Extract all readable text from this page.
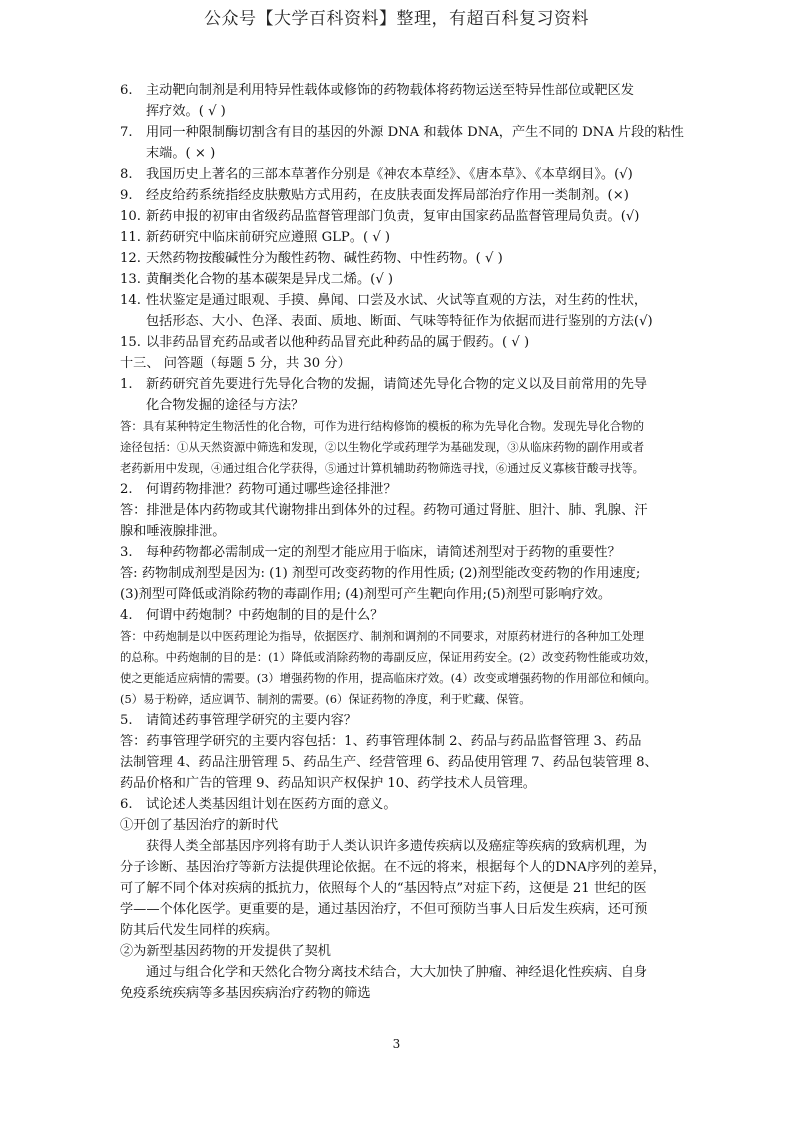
公众号【大学百科资料】整理，有超百科复习资料
6.	主动靶向制剂是利用特异性载体或修饰的药物载体将药物运送至特异性部位或靶区发
挥疗效。( √ )
7.	用同一种限制酶切割含有目的基因的外源 DNA 和载体 DNA，产生不同的 DNA 片段的粘性
末端。( × )
8.	我国历史上著名的三部本草著作分别是《神农本草经》、《唐本草》、《本草纲目》。(√)
9.	经皮给药系统指经皮肤敷贴方式用药，在皮肤表面发挥局部治疗作用一类制剂。(×)
10. 新药申报的初审由省级药品监督管理部门负责，复审由国家药品监督管理局负责。(√)
11. 新药研究中临床前研究应遵照 GLP。( √ )
12. 天然药物按酸碱性分为酸性药物、碱性药物、中性药物。( √ )
13. 黄酮类化合物的基本碳架是异戊二烯。(√ )
14. 性状鉴定是通过眼观、手摸、鼻闻、口尝及水试、火试等直观的方法，对生药的性状，
包括形态、大小、色泽、表面、质地、断面、气味等特征作为依据而进行鉴别的方法(√)
15. 以非药品冒充药品或者以他种药品冒充此种药品的属于假药。( √ )
十三、 问答题（每题 5 分，共 30 分）
1.	新药研究首先要进行先导化合物的发掘，请简述先导化合物的定义以及目前常用的先导
化合物发掘的途径与方法？
答：具有某种特定生物活性的化合物，可作为进行结构修饰的模板的称为先导化合物。发现先导化合物的
途径包括：①从天然资源中筛选和发现，②以生物化学或药理学为基础发现，③从临床药物的副作用或者
老药新用中发现，④通过组合化学获得，⑤通过计算机辅助药物筛选寻找，⑥通过反义寡核苷酸寻找等。
2.	何谓药物排泄？药物可通过哪些途径排泄？
答：排泄是体内药物或其代谢物排出到体外的过程。药物可通过肾脏、胆汁、肺、乳腺、汗
腺和唾液腺排泄。
3.	每种药物都必需制成一定的剂型才能应用于临床，请简述剂型对于药物的重要性？
答: 药物制成剂型是因为: (1) 剂型可改变药物的作用性质; (2)剂型能改变药物的作用速度;
(3)剂型可降低或消除药物的毒副作用; (4)剂型可产生靶向作用;(5)剂型可影响疗效。
4.	何谓中药炮制？中药炮制的目的是什么？
答：中药炮制是以中医药理论为指导，依据医疗、制剂和调剂的不同要求，对原药材进行的各种加工处理
的总称。中药炮制的目的是：(1）降低或消除药物的毒副反应，保证用药安全。(2）改变药物性能或功效，
使之更能适应病情的需要。(3）增强药物的作用，提高临床疗效。(4）改变或增强药物的作用部位和倾向。
(5）易于粉碎，适应调节、制剂的需要。(6）保证药物的净度，利于贮藏、保管。
5.	请简述药事管理学研究的主要内容？
答：药事管理学研究的主要内容包括：1、药事管理体制 2、药品与药品监督管理 3、药品
法制管理 4、药品注册管理 5、药品生产、经营管理 6、药品使用管理 7、药品包装管理 8、
药品价格和广告的管理 9、药品知识产权保护 10、药学技术人员管理。
6.	试论述人类基因组计划在医药方面的意义。
①开创了基因治疗的新时代
获得人类全部基因序列将有助于人类认识许多遗传疾病以及癌症等疾病的致病机理，为
分子诊断、基因治疗等新方法提供理论依据。在不远的将来，根据每个人的DNA序列的差异，
可了解不同个体对疾病的抵抗力，依照每个人的“基因特点”对症下药，这便是 21 世纪的医
学——个体化医学。更重要的是，通过基因治疗，不但可预防当事人日后发生疾病，还可预
防其后代发生同样的疾病。
②为新型基因药物的开发提供了契机
通过与组合化学和天然化合物分离技术结合，大大加快了肿瘤、神经退化性疾病、自身
免疫系统疾病等多基因疾病治疗药物的筛选
3
